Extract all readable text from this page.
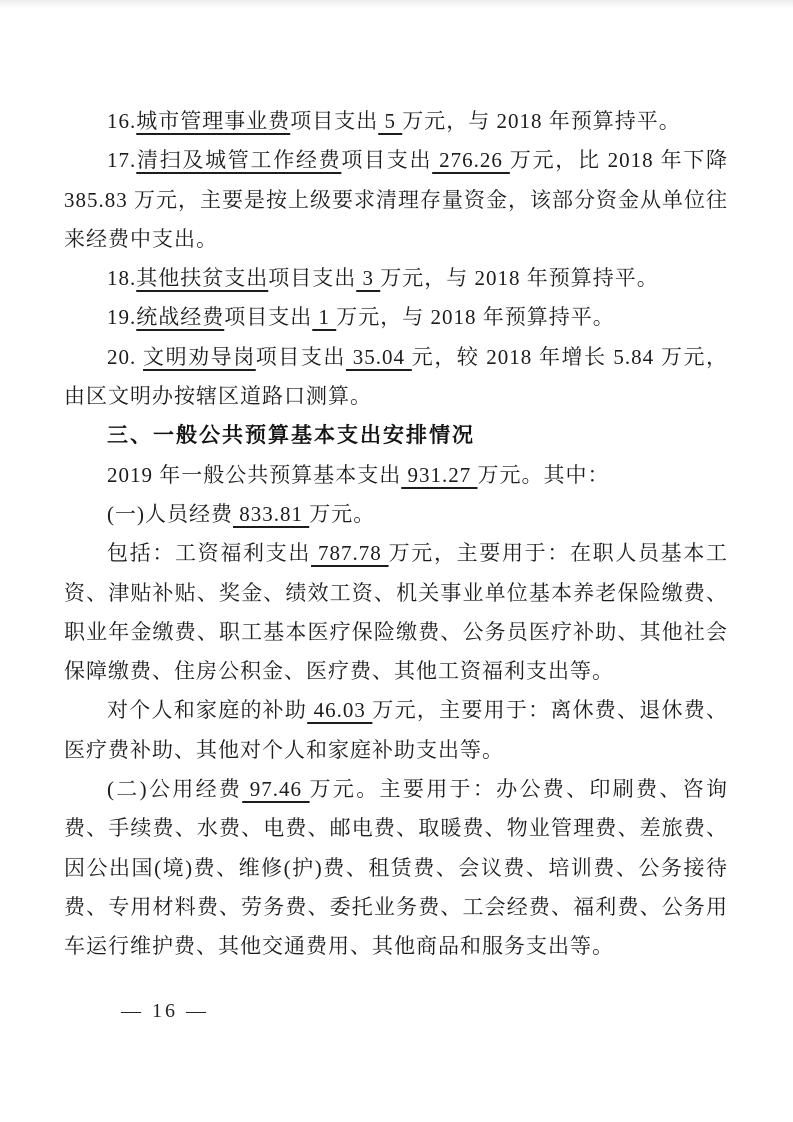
16.城市管理事业费项目支出 5 万元，与 2018 年预算持平。

17.清扫及城管工作经费项目支出 276.26 万元，比 2018 年下降 385.83 万元，主要是按上级要求清理存量资金，该部分资金从单位往来经费中支出。

18.其他扶贫支出项目支出 3 万元，与 2018 年预算持平。

19.统战经费项目支出 1 万元，与 2018 年预算持平。

20. 文明劝导岗项目支出 35.04 元，较 2018 年增长 5.84 万元，由区文明办按辖区道路口测算。

三、一般公共预算基本支出安排情况

2019 年一般公共预算基本支出 931.27 万元。其中：

(一)人员经费 833.81 万元。

包括：工资福利支出 787.78 万元，主要用于：在职人员基本工资、津贴补贴、奖金、绩效工资、机关事业单位基本养老保险缴费、职业年金缴费、职工基本医疗保险缴费、公务员医疗补助、其他社会保障缴费、住房公积金、医疗费、其他工资福利支出等。

对个人和家庭的补助 46.03 万元，主要用于：离休费、退休费、医疗费补助、其他对个人和家庭补助支出等。

(二)公用经费 97.46 万元。主要用于：办公费、印刷费、咨询费、手续费、水费、电费、邮电费、取暖费、物业管理费、差旅费、因公出国(境)费、维修(护)费、租赁费、会议费、培训费、公务接待费、专用材料费、劳务费、委托业务费、工会经费、福利费、公务用车运行维护费、其他交通费用、其他商品和服务支出等。

— 16 —
